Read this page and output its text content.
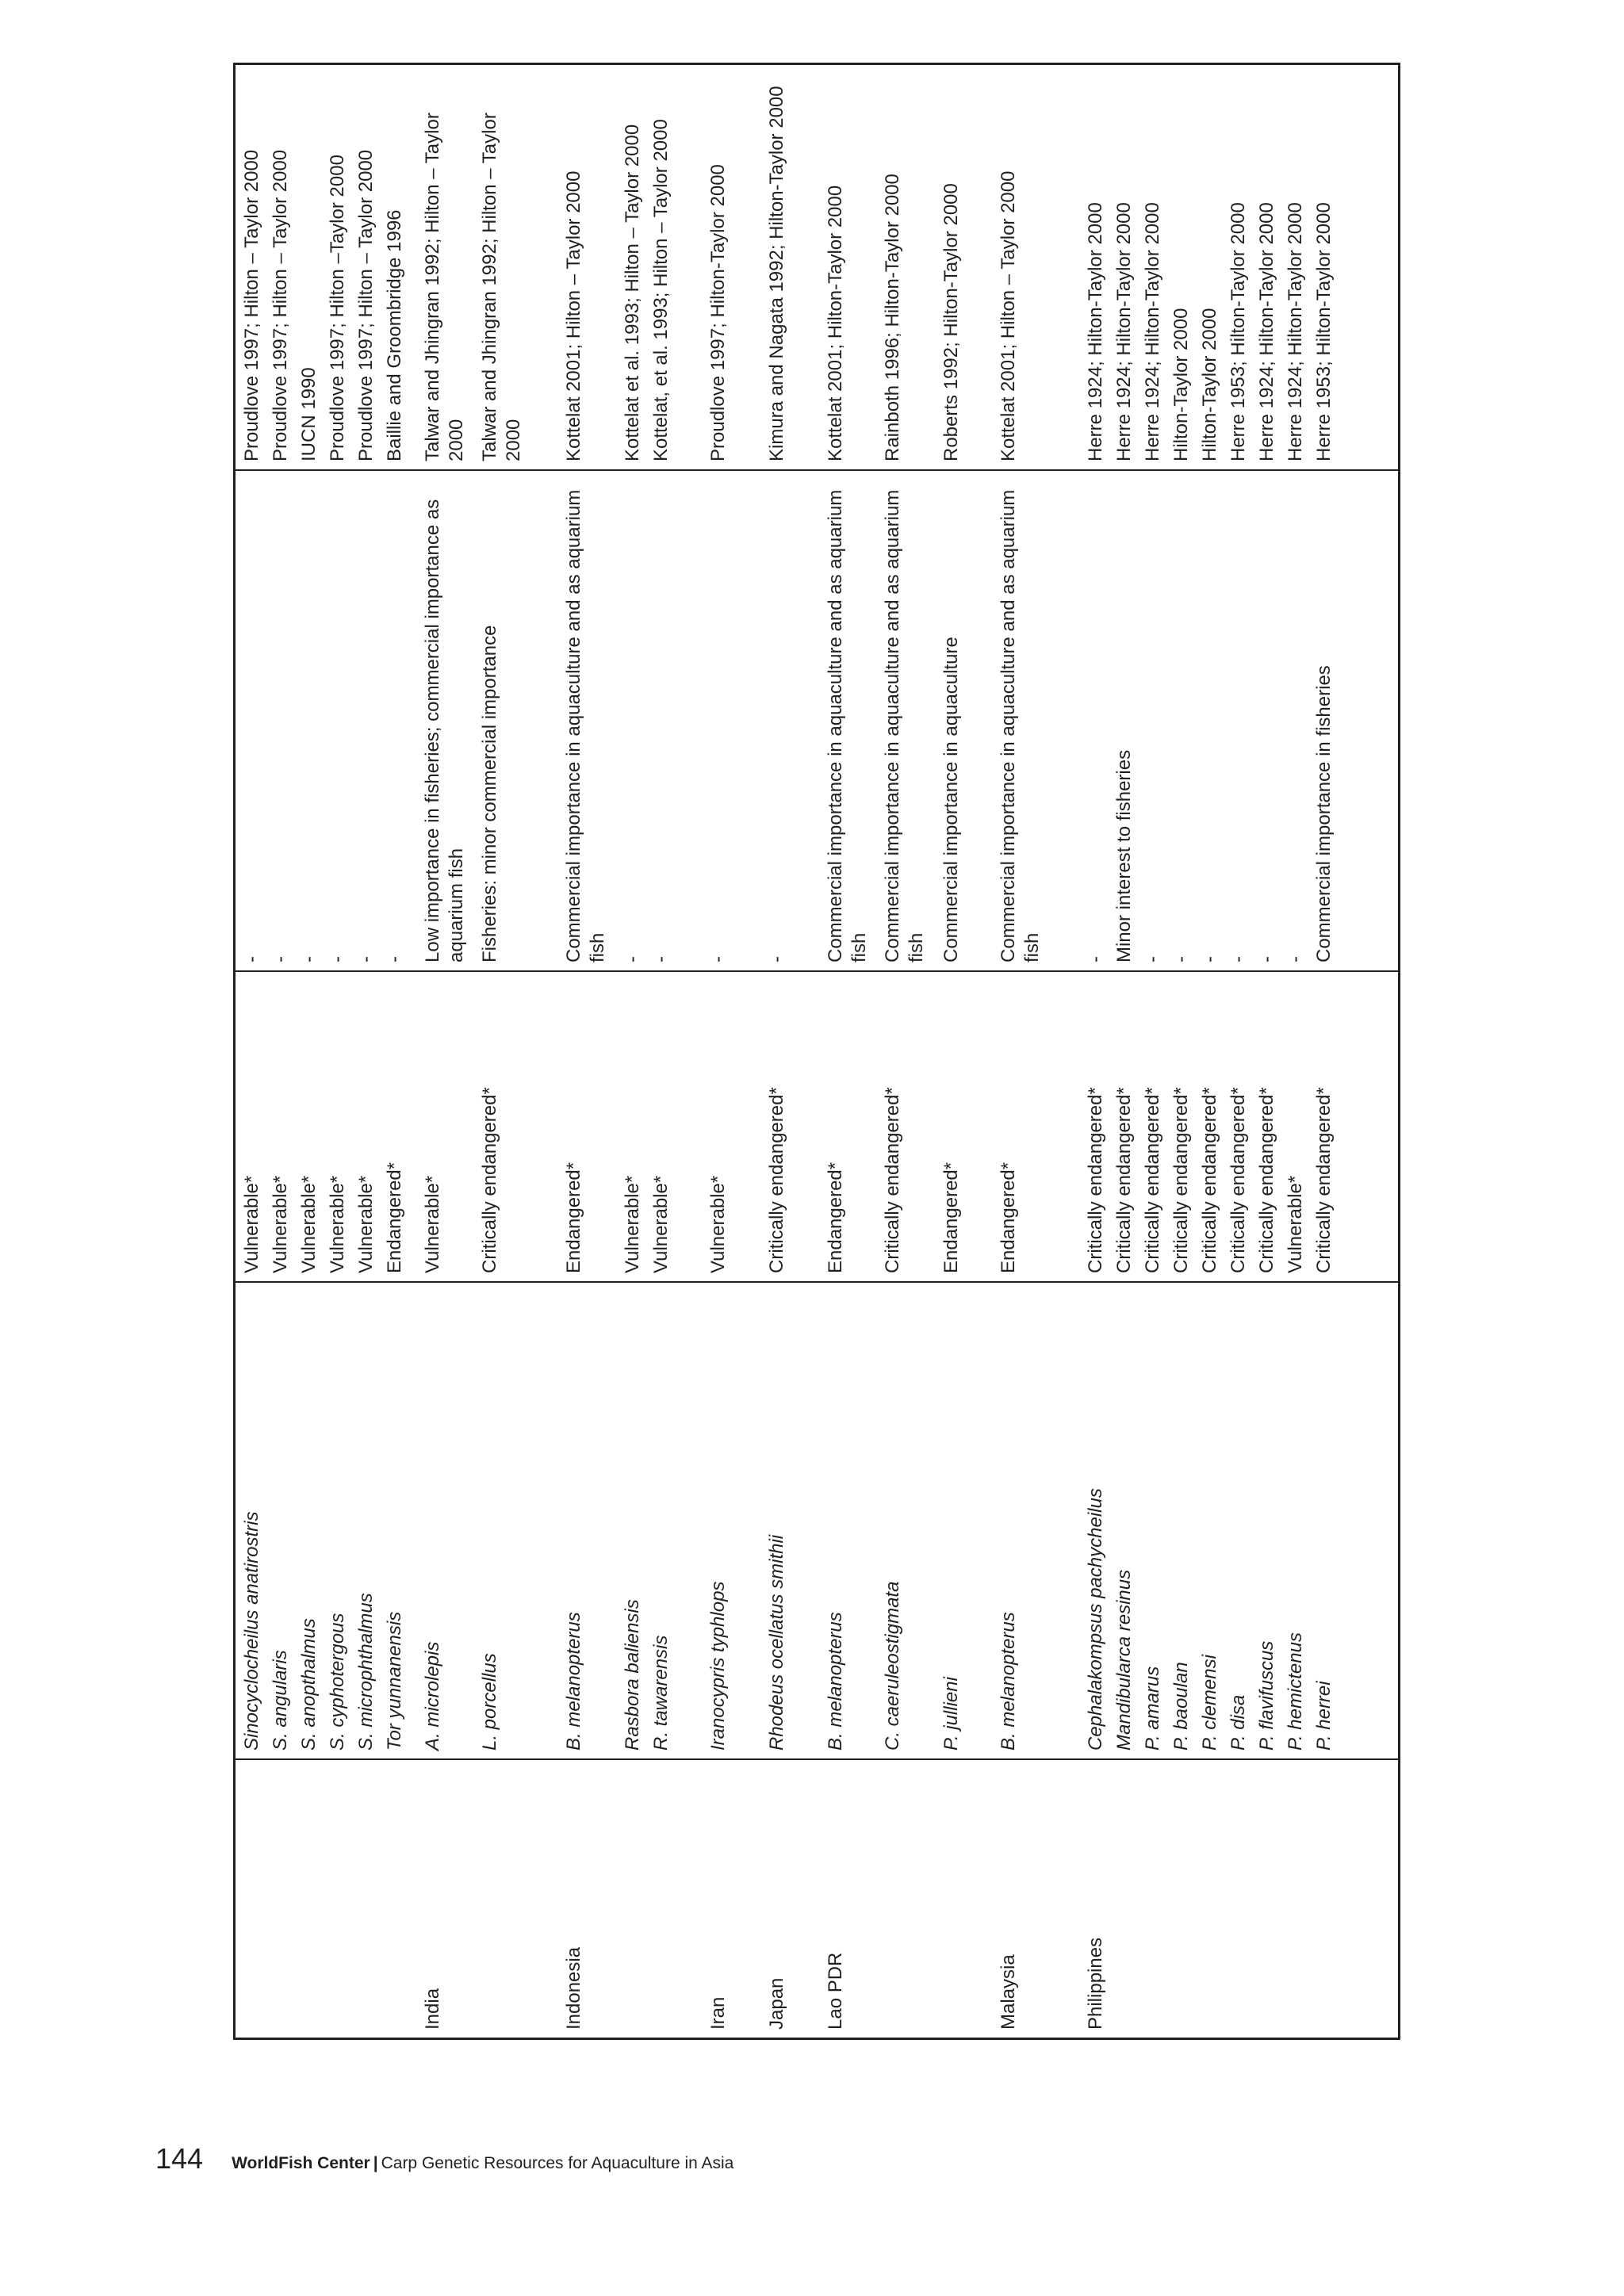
	Sinocyclocheilus anatirostris	Vulnerable*	-	Proudlove 1997; Hilton – Taylor 2000
	S. angularis	Vulnerable*	-	Proudlove 1997; Hilton – Taylor 2000
	S. anopthalmus	Vulnerable*	-	IUCN 1990
	S. cyphotergous	Vulnerable*	-	Proudlove 1997; Hilton –Taylor 2000
	S. microphthalmus	Vulnerable*	-	Proudlove 1997; Hilton – Taylor 2000
	Tor yunnanensis	Endangered*	-	Baillie and Groombridge 1996
India	A. microlepis	Vulnerable*	Low importance in fisheries; commercial importance as aquarium fish	Talwar and Jhingran 1992; Hilton – Taylor 2000
	L. porcellus	Critically endangered*	Fisheries: minor commercial importance	Talwar and Jhingran 1992; Hilton – Taylor 2000
Indonesia	B. melanopterus	Endangered*	Commercial importance in aquaculture and as aquarium fish	Kottelat 2001; Hilton – Taylor 2000
	Rasbora baliensis	Vulnerable*	-	Kottelat et al. 1993; Hilton – Taylor 2000
	R. tawarensis	Vulnerable*	-	Kottelat, et al. 1993; Hilton – Taylor 2000
Iran	Iranocypris typhlops	Vulnerable*	-	Proudlove 1997; Hilton-Taylor 2000
Japan	Rhodeus ocellatus smithii	Critically endangered*	-	Kimura and Nagata 1992; Hilton-Taylor 2000
Lao PDR	B. melanopterus	Endangered*	Commercial importance in aquaculture and as aquarium fish	Kottelat 2001; Hilton-Taylor 2000
	C. caeruleostigmata	Critically endangered*	Commercial importance in aquaculture and as aquarium fish	Rainboth 1996; Hilton-Taylor 2000
	P. jullieni	Endangered*	Commercial importance in aquaculture	Roberts 1992; Hilton-Taylor 2000
Malaysia	B. melanopterus	Endangered*	Commercial importance in aquaculture and as aquarium fish	Kottelat 2001; Hilton – Taylor 2000
Philippines	Cephalakompsus pachycheilus	Critically endangered*	-	Herre 1924; Hilton-Taylor 2000
	Mandibularca resinus	Critically endangered*	Minor interest to fisheries	Herre 1924; Hilton-Taylor 2000
	P. amarus	Critically endangered*	-	Herre 1924; Hilton-Taylor 2000
	P. baoulan	Critically endangered*	-	Hilton-Taylor 2000
	P. clemensi	Critically endangered*	-	Hilton-Taylor 2000
	P. disa	Critically endangered*	-	Herre 1953; Hilton-Taylor 2000
	P. flavifuscus	Critically endangered*	-	Herre 1924; Hilton-Taylor 2000
	P. hemictenus	Vulnerable*	-	Herre 1924; Hilton-Taylor 2000
	P. herrei	Critically endangered*	Commercial importance in fisheries	Herre 1953; Hilton-Taylor 2000
144 WorldFish Center | Carp Genetic Resources for Aquaculture in Asia
